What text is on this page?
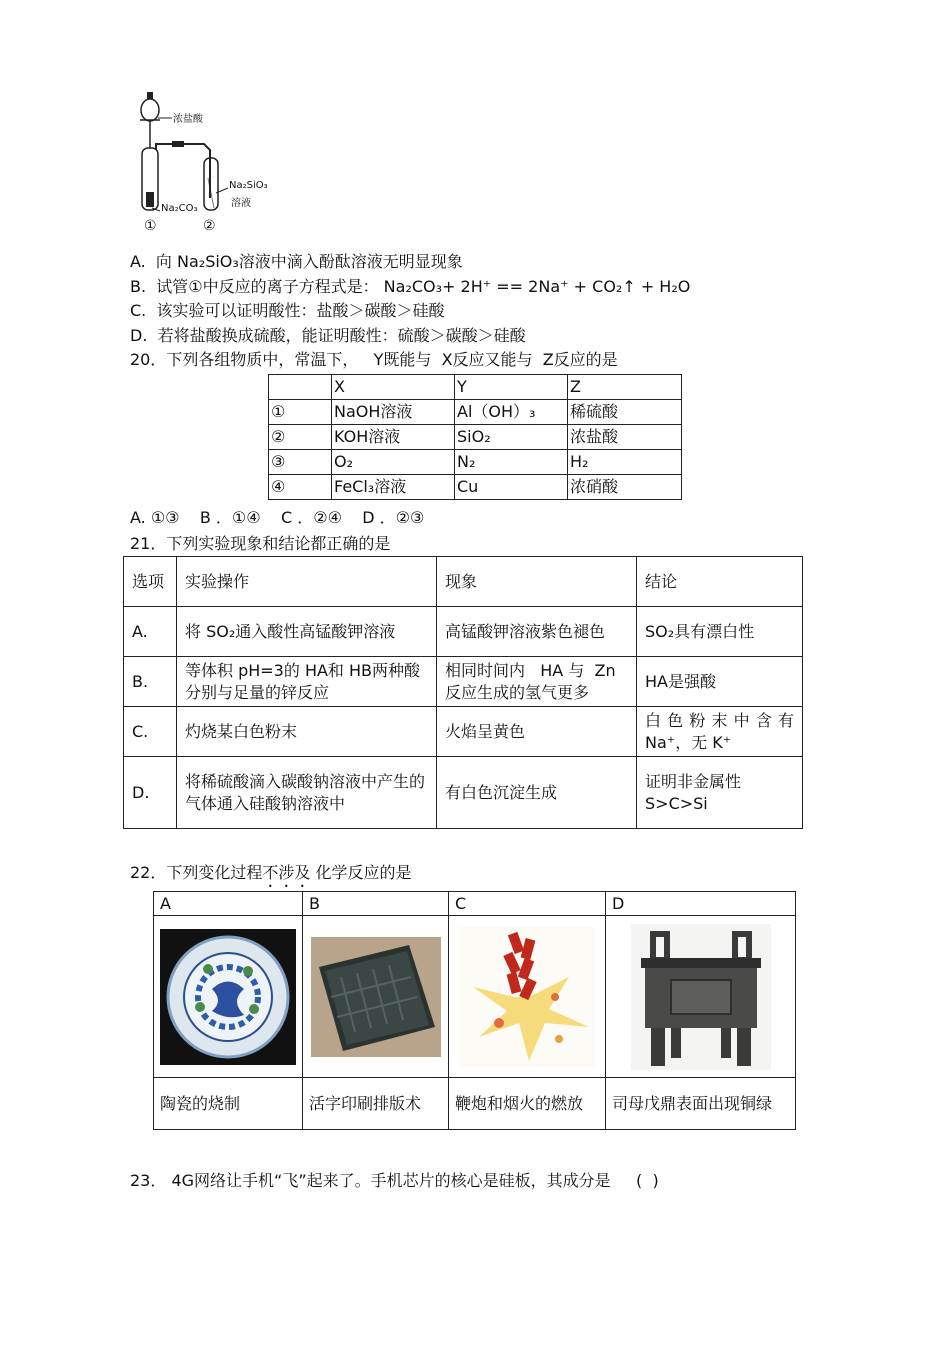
浓盐酸
Na₂CO₃
Na₂SiO₃
溶液
①	②
A. 向 Na₂SiO₃溶液中滴入酚酞溶液无明显现象
B. 试管①中反应的离子方程式是： Na₂CO₃+ 2H⁺ == 2Na⁺ + CO₂↑ + H₂O
C. 该实验可以证明酸性：盐酸＞碳酸＞硅酸
D. 若将盐酸换成硫酸，能证明酸性：硫酸＞碳酸＞硅酸
20．下列各组物质中，常温下，   Y既能与  X反应又能与  Z反应的是
	X	Y	Z
①	NaOH溶液	Al（OH）₃	稀硫酸
②	KOH溶液	SiO₂	浓盐酸
③	O₂	N₂	H₂
④	FeCl₃溶液	Cu	浓硝酸
A. ①③    B ．①④    C ．②④    D ．②③
21．下列实验现象和结论都正确的是
选项	实验操作	现象	结论
A.	将 SO₂通入酸性高锰酸钾溶液	高锰酸钾溶液紫色褪色	SO₂具有漂白性
B.	等体积 pH=3的 HA和 HB两种酸分别与足量的锌反应	相同时间内   HA 与  Zn 反应生成的氢气更多	HA是强酸
C.	灼烧某白色粉末	火焰呈黄色	白色粉末中含有 Na⁺，无 K⁺
D.	将稀硫酸滴入碳酸钠溶液中产生的气体通入硅酸钠溶液中	有白色沉淀生成	证明非金属性 S>C>Si
22．下列变化过程不涉及 化学反应的是
A	B	C	D

陶瓷的烧制	活字印刷排版术	鞭炮和烟火的燃放	司母戊鼎表面出现铜绿
23． 4G网络让手机“飞”起来了。手机芯片的核心是硅板，其成分是     (  )
